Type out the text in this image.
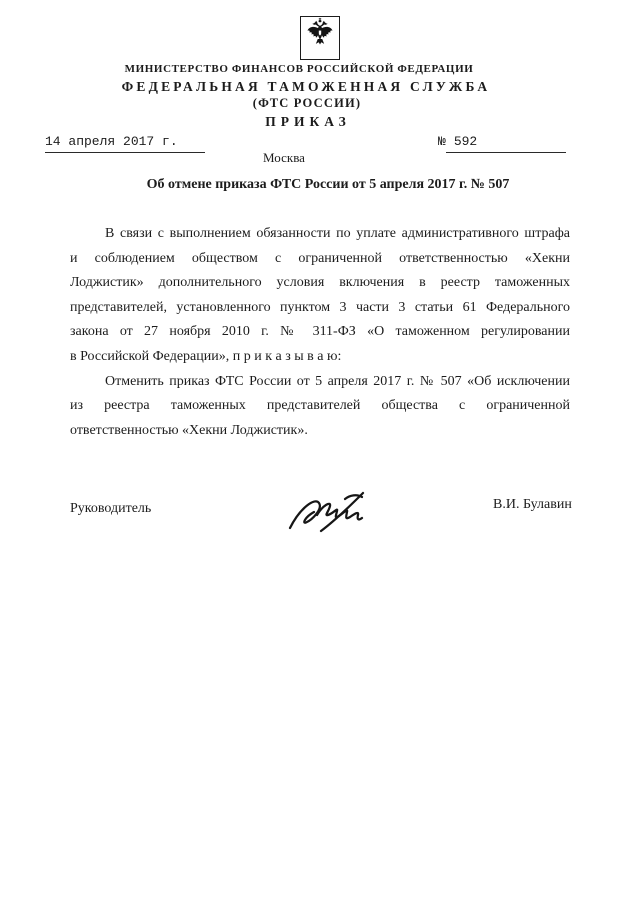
МИНИСТЕРСТВО ФИНАНСОВ РОССИЙСКОЙ ФЕДЕРАЦИИ
ФЕДЕРАЛЬНАЯ ТАМОЖЕННАЯ СЛУЖБА
(ФТС РОССИИ)
ПРИКАЗ
14 апреля 2017 г.	№ 592
Москва
Об отмене приказа ФТС России от 5 апреля 2017 г. № 507
В связи с выполнением обязанности по уплате административного штрафа
и соблюдением обществом с ограниченной ответственностью «Хекни
Лоджистик» дополнительного условия включения в реестр таможенных
представителей, установленного пунктом 3 части 3 статьи 61 Федерального
закона от 27 ноября 2010 г. № 311-ФЗ «О таможенном регулировании
в Российской Федерации», п р и к а з ы в а ю:
Отменить приказ ФТС России от 5 апреля 2017 г. № 507 «Об исключении
из реестра таможенных представителей общества с ограниченной
ответственностью «Хекни Лоджистик».
Руководитель	В.И. Булавин
